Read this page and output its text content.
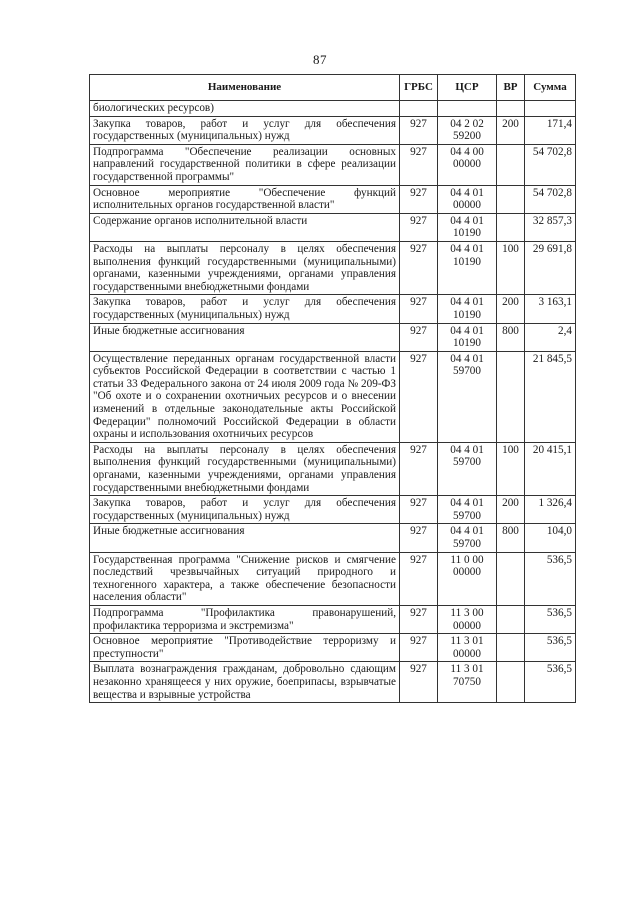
87
Наименование	ГРБС	ЦСР	ВР	Сумма
биологических ресурсов)				
Закупка товаров, работ и услуг для обеспечения государственных (муниципальных) нужд	927	04 2 02 59200	200	171,4
Подпрограмма "Обеспечение реализации основных направлений государственной политики в сфере реализации государственной программы"	927	04 4 00 00000		54 702,8
Основное мероприятие "Обеспечение функций исполнительных органов государственной власти"	927	04 4 01 00000		54 702,8
Содержание органов исполнительной власти	927	04 4 01 10190		32 857,3
Расходы на выплаты персоналу в целях обеспечения выполнения функций государственными (муниципальными) органами, казенными учреждениями, органами управления государственными внебюджетными фондами	927	04 4 01 10190	100	29 691,8
Закупка товаров, работ и услуг для обеспечения государственных (муниципальных) нужд	927	04 4 01 10190	200	3 163,1
Иные бюджетные ассигнования	927	04 4 01 10190	800	2,4
Осуществление переданных органам государственной власти субъектов Российской Федерации в соответствии с частью 1 статьи 33 Федерального закона от 24 июля 2009 года № 209-ФЗ "Об охоте и о сохранении охотничьих ресурсов и о внесении изменений в отдельные законодательные акты Российской Федерации" полномочий Российской Федерации в области охраны и использования охотничьих ресурсов	927	04 4 01 59700		21 845,5
Расходы на выплаты персоналу в целях обеспечения выполнения функций государственными (муниципальными) органами, казенными учреждениями, органами управления государственными внебюджетными фондами	927	04 4 01 59700	100	20 415,1
Закупка товаров, работ и услуг для обеспечения государственных (муниципальных) нужд	927	04 4 01 59700	200	1 326,4
Иные бюджетные ассигнования	927	04 4 01 59700	800	104,0
Государственная программа "Снижение рисков и смягчение последствий чрезвычайных ситуаций природного и техногенного характера, а также обеспечение безопасности населения области"	927	11 0 00 00000		536,5
Подпрограмма "Профилактика правонарушений, профилактика терроризма и экстремизма"	927	11 3 00 00000		536,5
Основное мероприятие "Противодействие терроризму и преступности"	927	11 3 01 00000		536,5
Выплата вознаграждения гражданам, добровольно сдающим незаконно хранящееся у них оружие, боеприпасы, взрывчатые вещества и взрывные устройства	927	11 3 01 70750		536,5
